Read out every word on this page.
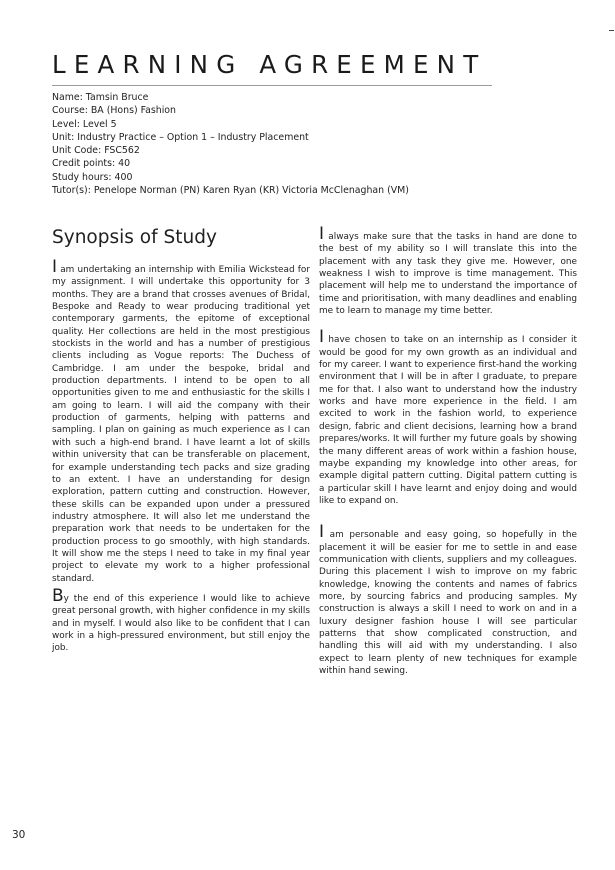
LEARNING AGREEMENT
Name: Tamsin Bruce
Course: BA (Hons) Fashion
Level: Level 5
Unit: Industry Practice – Option 1 – Industry Placement
Unit Code: FSC562
Credit points: 40
Study hours: 400
Tutor(s): Penelope Norman (PN) Karen Ryan (KR) Victoria McClenaghan (VM)
Synopsis of Study

I am undertaking an internship with Emilia Wickstead for my assignment. I will undertake this opportunity for 3 months. They are a brand that crosses avenues of Bridal, Bespoke and Ready to wear producing traditional yet contemporary garments, the epitome of exceptional quality. Her collections are held in the most prestigious stockists in the world and has a number of prestigious clients including as Vogue reports: The Duchess of Cambridge. I am under the bespoke, bridal and production departments. I intend to be open to all opportunities given to me and enthusiastic for the skills I am going to learn. I will aid the company with their production of garments, helping with patterns and sampling. I plan on gaining as much experience as I can with such a high-end brand. I have learnt a lot of skills within university that can be transferable on placement, for example understanding tech packs and size grading to an extent. I have an understanding for design exploration, pattern cutting and construction. However, these skills can be expanded upon under a pressured industry atmosphere. It will also let me understand the preparation work that needs to be undertaken for the production process to go smoothly, with high standards. It will show me the steps I need to take in my final year project to elevate my work to a higher professional standard.

By the end of this experience I would like to achieve great personal growth, with higher confidence in my skills and in myself. I would also like to be confident that I can work in a high-pressured environment, but still enjoy the job.

I always make sure that the tasks in hand are done to the best of my ability so I will translate this into the placement with any task they give me. However, one weakness I wish to improve is time management. This placement will help me to understand the importance of time and prioritisation, with many deadlines and enabling me to learn to manage my time better.

I have chosen to take on an internship as I consider it would be good for my own growth as an individual and for my career. I want to experience first-hand the working environment that I will be in after I graduate, to prepare me for that. I also want to understand how the industry works and have more experience in the field. I am excited to work in the fashion world, to experience design, fabric and client decisions, learning how a brand prepares/works. It will further my future goals by showing the many different areas of work within a fashion house, maybe expanding my knowledge into other areas, for example digital pattern cutting. Digital pattern cutting is a particular skill I have learnt and enjoy doing and would like to expand on.

I am personable and easy going, so hopefully in the placement it will be easier for me to settle in and ease communication with clients, suppliers and my colleagues. During this placement I wish to improve on my fabric knowledge, knowing the contents and names of fabrics more, by sourcing fabrics and producing samples. My construction is always a skill I need to work on and in a luxury designer fashion house I will see particular patterns that show complicated construction, and handling this will aid with my understanding. I also expect to learn plenty of new techniques for example within hand sewing.

30
